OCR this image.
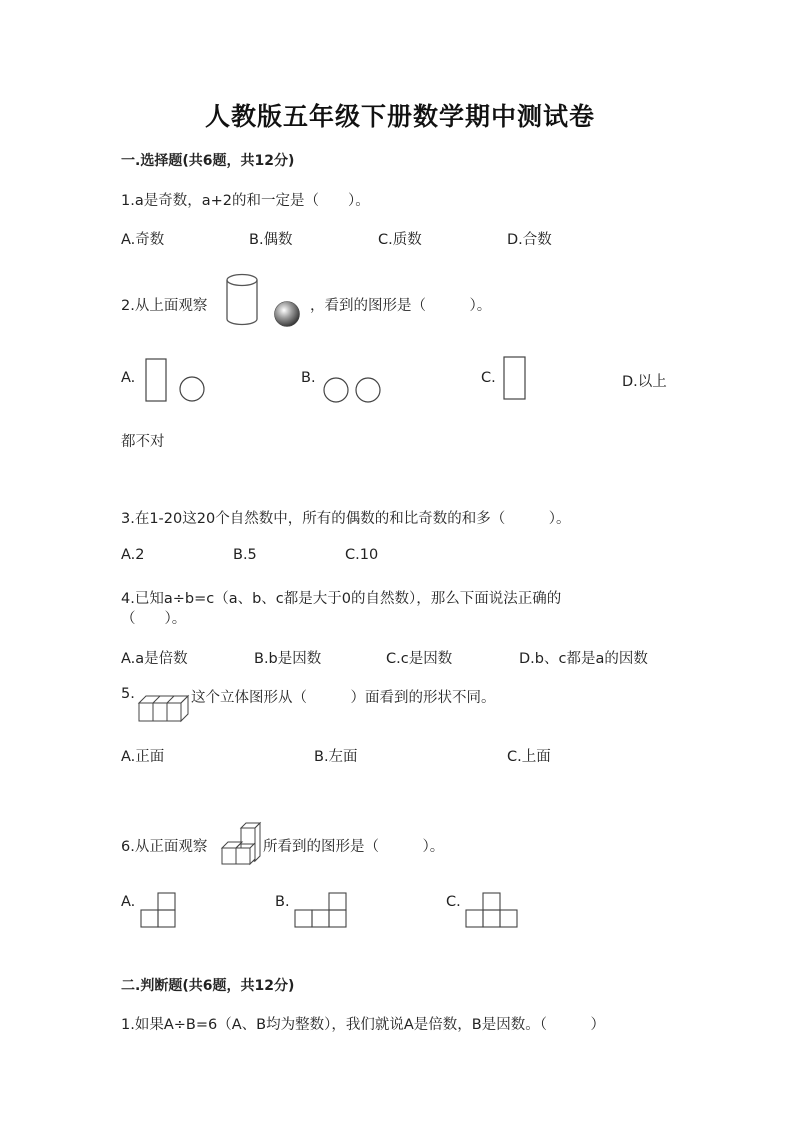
人教版五年级下册数学期中测试卷
一.选择题(共6题，共12分)
1.a是奇数，a+2的和一定是（　　）。
A.奇数	B.偶数	C.质数	D.合数
2.从上面观察	，看到的图形是（　　　）。
A.	B.	C.	D.以上
都不对
3.在1-20这20个自然数中，所有的偶数的和比奇数的和多（　　　）。
A.2	B.5	C.10
4.已知a÷b=c（a、b、c都是大于0的自然数），那么下面说法正确的
（　　）。
A.a是倍数	B.b是因数	C.c是因数	D.b、c都是a的因数
5.	这个立体图形从（　　　）面看到的形状不同。
A.正面	B.左面	C.上面
6.从正面观察	所看到的图形是（　　　）。
A.	B.	C.
二.判断题(共6题，共12分)
1.如果A÷B=6（A、B均为整数），我们就说A是倍数，B是因数。（　　　）
